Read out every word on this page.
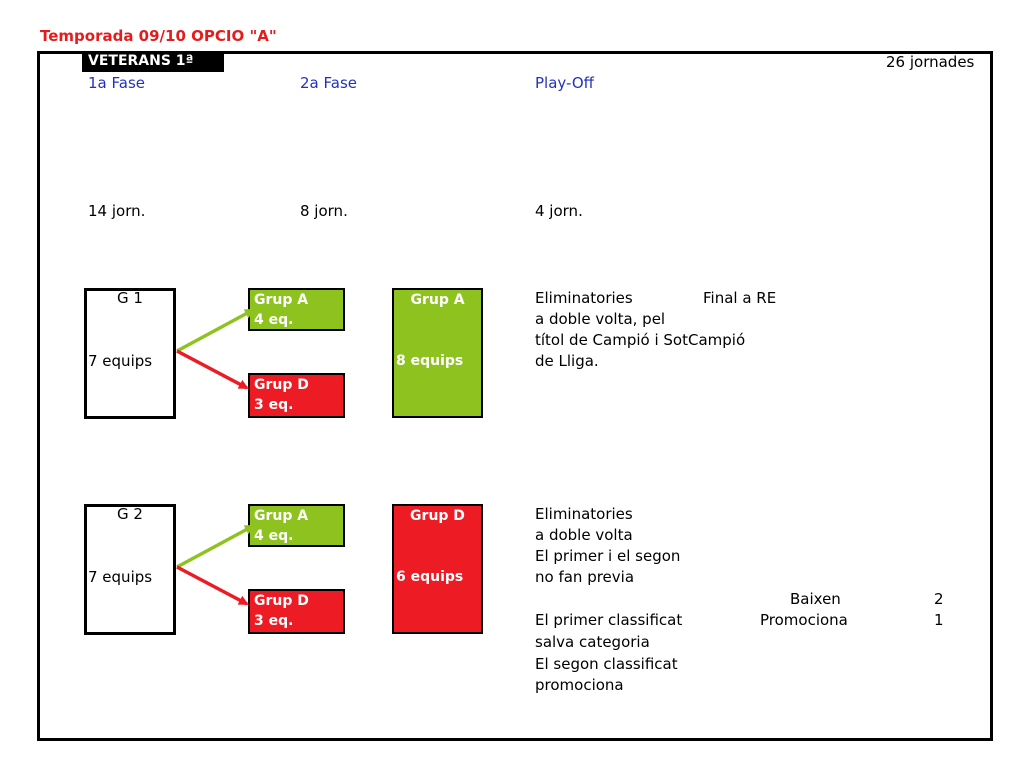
Temporada 09/10 OPCIO "A"
VETERANS 1ª	26 jornades
1a Fase	2a Fase	Play-Off
14 jorn.	8 jorn.	4 jorn.
G 1
7 equips
Grup A
4 eq.
Grup D
3 eq.
Grup A
8 equips
Eliminatories
a doble volta, pel
títol de Campió i SotCampió
de Lliga.
Final a RE
G 2
7 equips
Grup A
4 eq.
Grup D
3 eq.
Grup D
6 equips
Eliminatories
a doble volta
El primer i el segon
no fan previa
Baixen	2
Promociona	1
El primer classificat
salva categoria
El segon classificat
promociona
